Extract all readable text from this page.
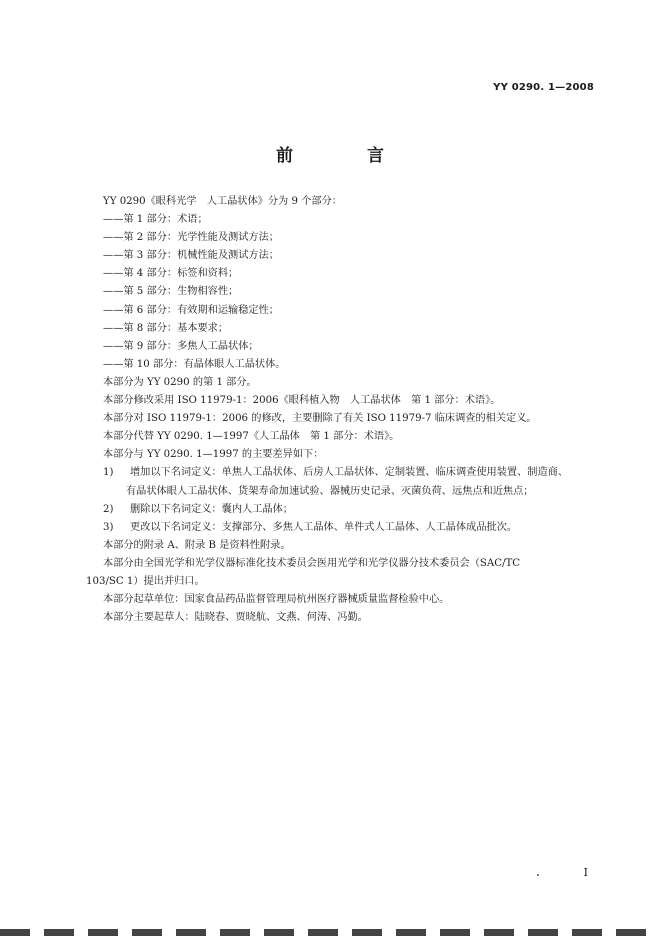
YY 0290. 1—2008
前 言
YY 0290《眼科光学　人工晶状体》分为 9 个部分：
——第 1 部分：术语；
——第 2 部分：光学性能及测试方法；
——第 3 部分：机械性能及测试方法；
——第 4 部分：标签和资料；
——第 5 部分：生物相容性；
——第 6 部分：有效期和运输稳定性；
——第 8 部分：基本要求；
——第 9 部分：多焦人工晶状体；
——第 10 部分：有晶体眼人工晶状体。
本部分为 YY 0290 的第 1 部分。
本部分修改采用 ISO 11979-1：2006《眼科植入物　人工晶状体　第 1 部分：术语》。
本部分对 ISO 11979-1：2006 的修改，主要删除了有关 ISO 11979-7 临床调查的相关定义。
本部分代替 YY 0290. 1—1997《人工晶体　第 1 部分：术语》。
本部分与 YY 0290. 1—1997 的主要差异如下：
1) 增加以下名词定义：单焦人工晶状体、后房人工晶状体、定制装置、临床调查使用装置、制造商、
有晶状体眼人工晶状体、货架寿命加速试验、器械历史记录、灭菌负荷、远焦点和近焦点；
2) 删除以下名词定义：囊内人工晶体；
3) 更改以下名词定义：支撑部分、多焦人工晶体、单件式人工晶体、人工晶体成品批次。
本部分的附录 A、附录 B 是资料性附录。
本部分由全国光学和光学仪器标准化技术委员会医用光学和光学仪器分技术委员会（SAC/TC
103/SC 1）提出并归口。
本部分起草单位：国家食品药品监督管理局杭州医疗器械质量监督检验中心。
本部分主要起草人：陆晓春、贾晓航、文燕、何涛、冯勤。
I
